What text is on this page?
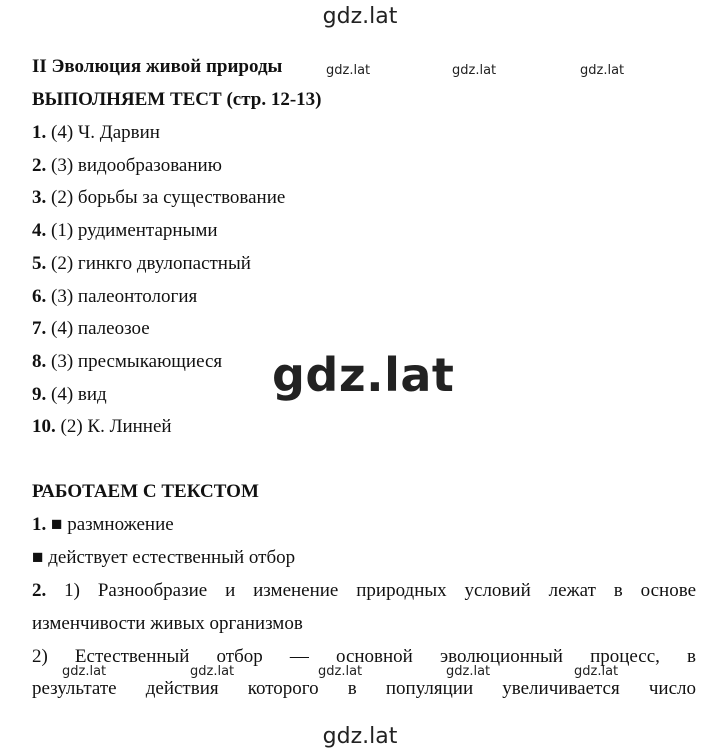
gdz.lat
II Эволюция живой природы	gdz.lat	gdz.lat	gdz.lat
ВЫПОЛНЯЕМ ТЕСТ (стр. 12-13)
1. (4) Ч. Дарвин
2. (3) видообразованию
3. (2) борьбы за существование
4. (1) рудиментарными
5. (2) гинкго двулопастный
6. (3) палеонтология
7. (4) палеозое
8. (3) пресмыкающиеся
9. (4) вид
10. (2) К. Линней
gdz.lat
РАБОТАЕМ С ТЕКСТОМ
1. ■ размножение
■ действует естественный отбор
2. 1) Разнообразие и изменение природных условий лежат в основе
изменчивости живых организмов
2) Естественный отбор — основной эволюционный процесс, в
результате действия которого в популяции увеличивается число
gdz.lat	gdz.lat	gdz.lat	gdz.lat	gdz.lat
gdz.lat
